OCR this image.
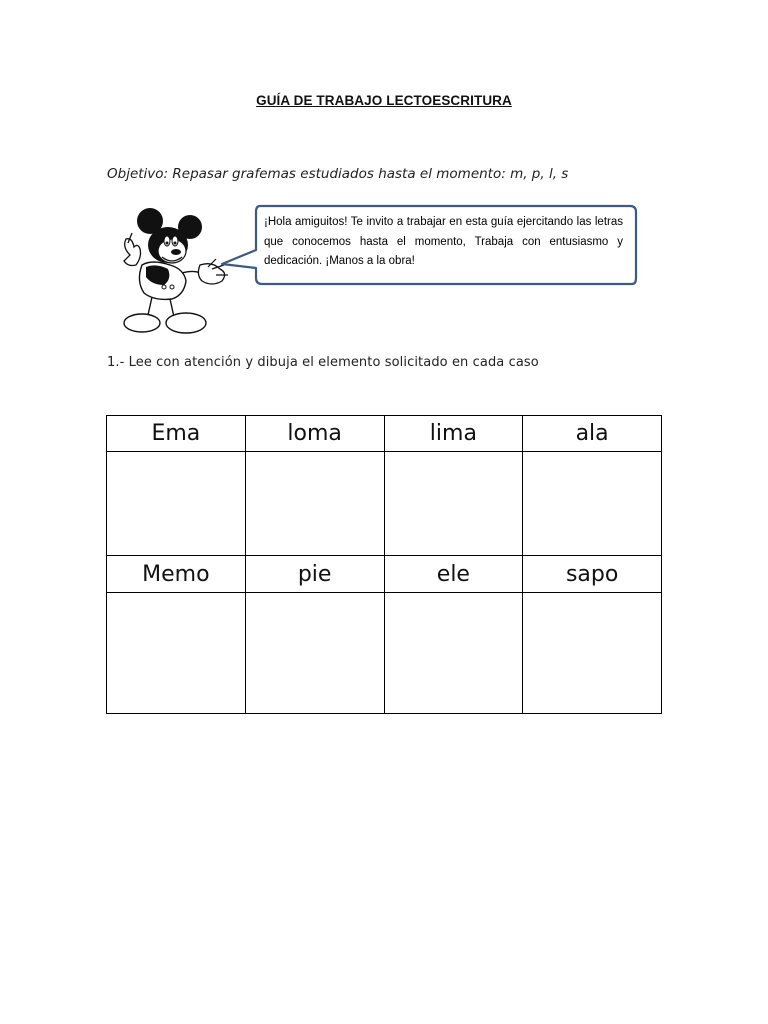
GUÍA DE TRABAJO LECTOESCRITURA
Objetivo: Repasar grafemas estudiados hasta el momento: m, p, l, s
¡Hola amiguitos! Te invito a trabajar en esta guía ejercitando las letras que conocemos hasta el momento, Trabaja con entusiasmo y dedicación. ¡Manos a la obra!
1.- Lee con atención y dibuja el elemento solicitado en cada caso
Ema	loma	lima	ala

Memo	pie	ele	sapo
